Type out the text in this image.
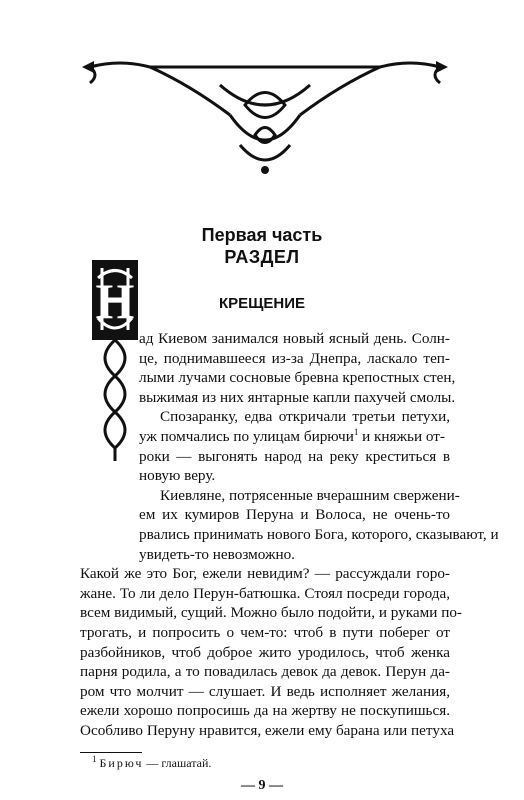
Первая часть
РАЗДЕЛ
КРЕЩЕНИЕ
Н
ад Киевом занимался новый ясный день. Солн-
це, поднимавшееся из-за Днепра, ласкало теп-
лыми лучами сосновые бревна крепостных стен,
выжимая из них янтарные капли пахучей смолы.
Спозаранку, едва откричали третьи петухи,
уж помчались по улицам бирючи$^1$ и княжьи от-
роки — выгонять народ на реку креститься в
новую веру.
Киевляне, потрясенные вчерашним свержени-
ем их кумиров Перуна и Волоса, не очень-то
рвались принимать нового Бога, которого, сказывают, и
увидеть-то невозможно.
Какой же это Бог, ежели невидим? — рассуждали горо-
жане. То ли дело Перун-батюшка. Стоял посреди города,
всем видимый, сущий. Можно было подойти, и руками по-
трогать, и попросить о чем-то: чтоб в пути поберег от
разбойников, чтоб доброе жито уродилось, чтоб женка
парня родила, а то повадилась девок да девок. Перун да-
ром что молчит — слушает. И ведь исполняет желания,
ежели хорошо попросишь да на жертву не поскупишься.
Особливо Перуну нравится, ежели ему барана или петуха
$^1$ Бирюч — глашатай.
— 9 —
